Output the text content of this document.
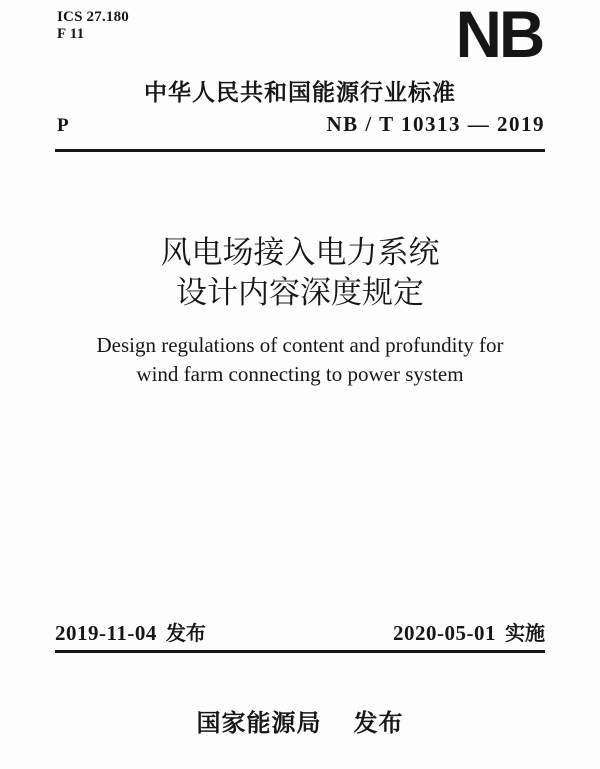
ICS 27.180
F 11	NB
中华人民共和国能源行业标准
P	NB / T 10313 — 2019
风电场接入电力系统
设计内容深度规定
Design regulations of content and profundity for
wind farm connecting to power system
2019-11-04 发布	2020-05-01 实施
国家能源局 发布
